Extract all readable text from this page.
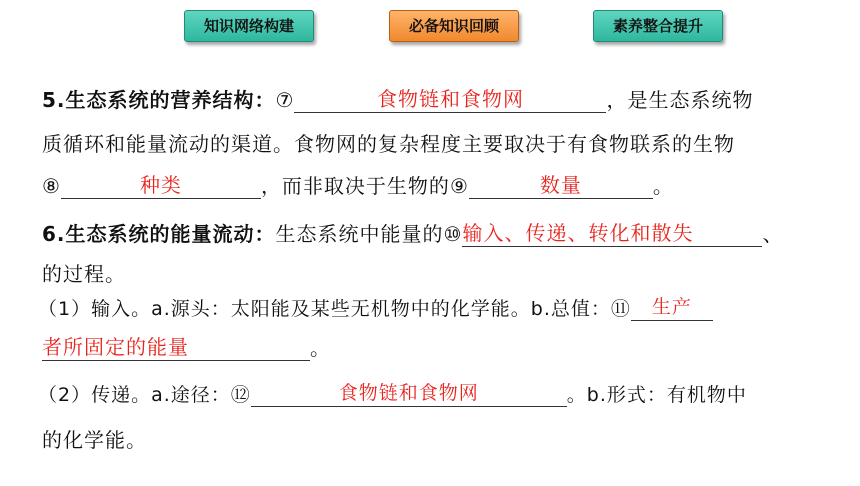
知识网络构建	必备知识回顾	素养整合提升
5.生态系统的营养结构：⑦	食物链和食物网	，是生态系统物
质循环和能量流动的渠道。食物网的复杂程度主要取决于有食物联系的生物
⑧	种类	，而非取决于生物的⑨	数量	。
6.生态系统的能量流动：生态系统中能量的⑩输入、传递、转化和散失	、
的过程。
（1）输入。a.源头：太阳能及某些无机物中的化学能。b.总值：⑪ 生产
者所固定的能量	。
（2）传递。a.途径：⑫	食物链和食物网	。b.形式：有机物中
的化学能。
